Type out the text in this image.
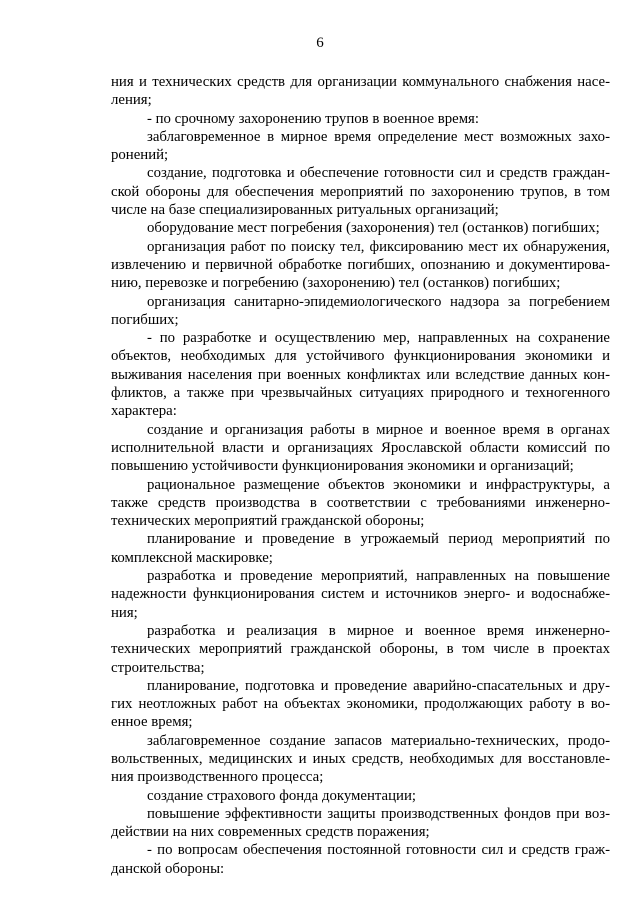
6

ния и технических средств для организации коммунального снабжения населения;

- по срочному захоронению трупов в военное время:

заблаговременное в мирное время определение мест возможных захоронений;

создание, подготовка и обеспечение готовности сил и средств гражданской обороны для обеспечения мероприятий по захоронению трупов, в том числе на базе специализированных ритуальных организаций;

оборудование мест погребения (захоронения) тел (останков) погибших;

организация работ по поиску тел, фиксированию мест их обнаружения, извлечению и первичной обработке погибших, опознанию и документированию, перевозке и погребению (захоронению) тел (останков) погибших;

организация санитарно-эпидемиологического надзора за погребением погибших;

- по разработке и осуществлению мер, направленных на сохранение объектов, необходимых для устойчивого функционирования экономики и выживания населения при военных конфликтах или вследствие данных конфликтов, а также при чрезвычайных ситуациях природного и техногенного характера:

создание и организация работы в мирное и военное время в органах исполнительной власти и организациях Ярославской области комиссий по повышению устойчивости функционирования экономики и организаций;

рациональное размещение объектов экономики и инфраструктуры, а также средств производства в соответствии с требованиями инженерно-технических мероприятий гражданской обороны;

планирование и проведение в угрожаемый период мероприятий по комплексной маскировке;

разработка и проведение мероприятий, направленных на повышение надежности функционирования систем и источников энерго- и водоснабжения;

разработка и реализация в мирное и военное время инженерно-технических мероприятий гражданской обороны, в том числе в проектах строительства;

планирование, подготовка и проведение аварийно-спасательных и других неотложных работ на объектах экономики, продолжающих работу в военное время;

заблаговременное создание запасов материально-технических, продовольственных, медицинских и иных средств, необходимых для восстановления производственного процесса;

создание страхового фонда документации;

повышение эффективности защиты производственных фондов при воздействии на них современных средств поражения;

- по вопросам обеспечения постоянной готовности сил и средств гражданской обороны:
